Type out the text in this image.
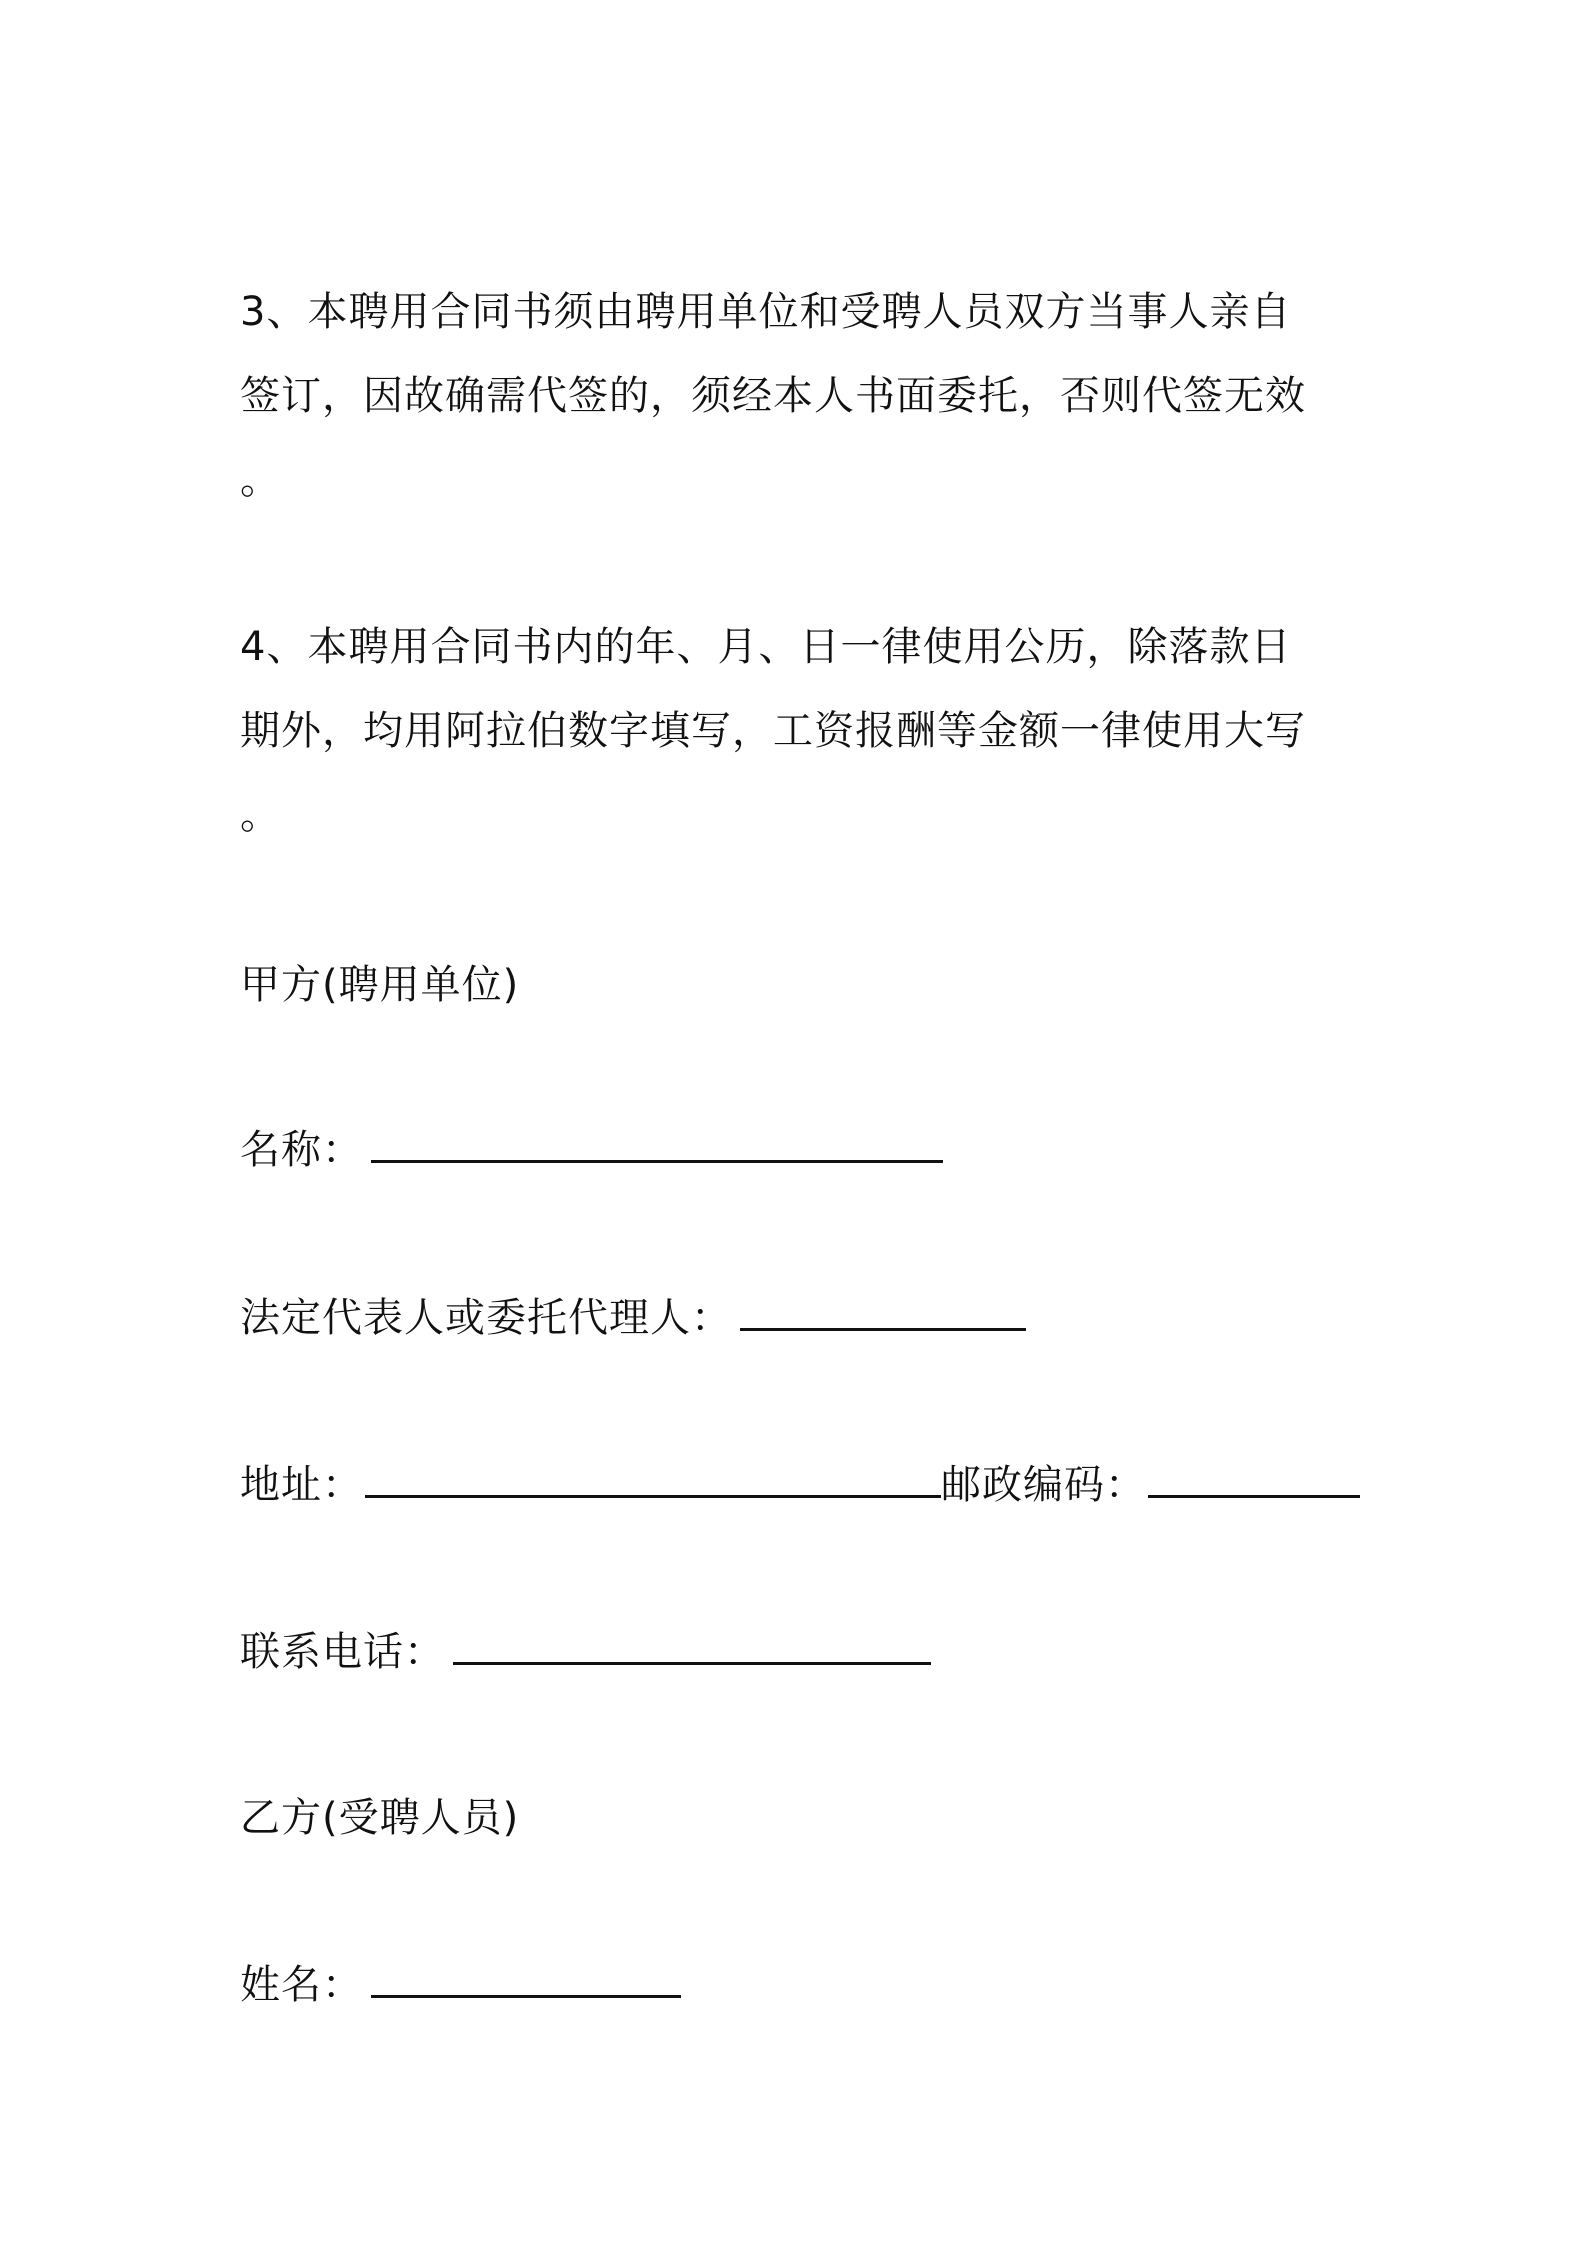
3、本聘用合同书须由聘用单位和受聘人员双方当事人亲自
签订，因故确需代签的，须经本人书面委托，否则代签无效
。
4、本聘用合同书内的年、月、日一律使用公历，除落款日
期外，均用阿拉伯数字填写，工资报酬等金额一律使用大写
。
甲方(聘用单位)
名称：
法定代表人或委托代理人：
地址：	邮政编码：
联系电话：
乙方(受聘人员)
姓名：
